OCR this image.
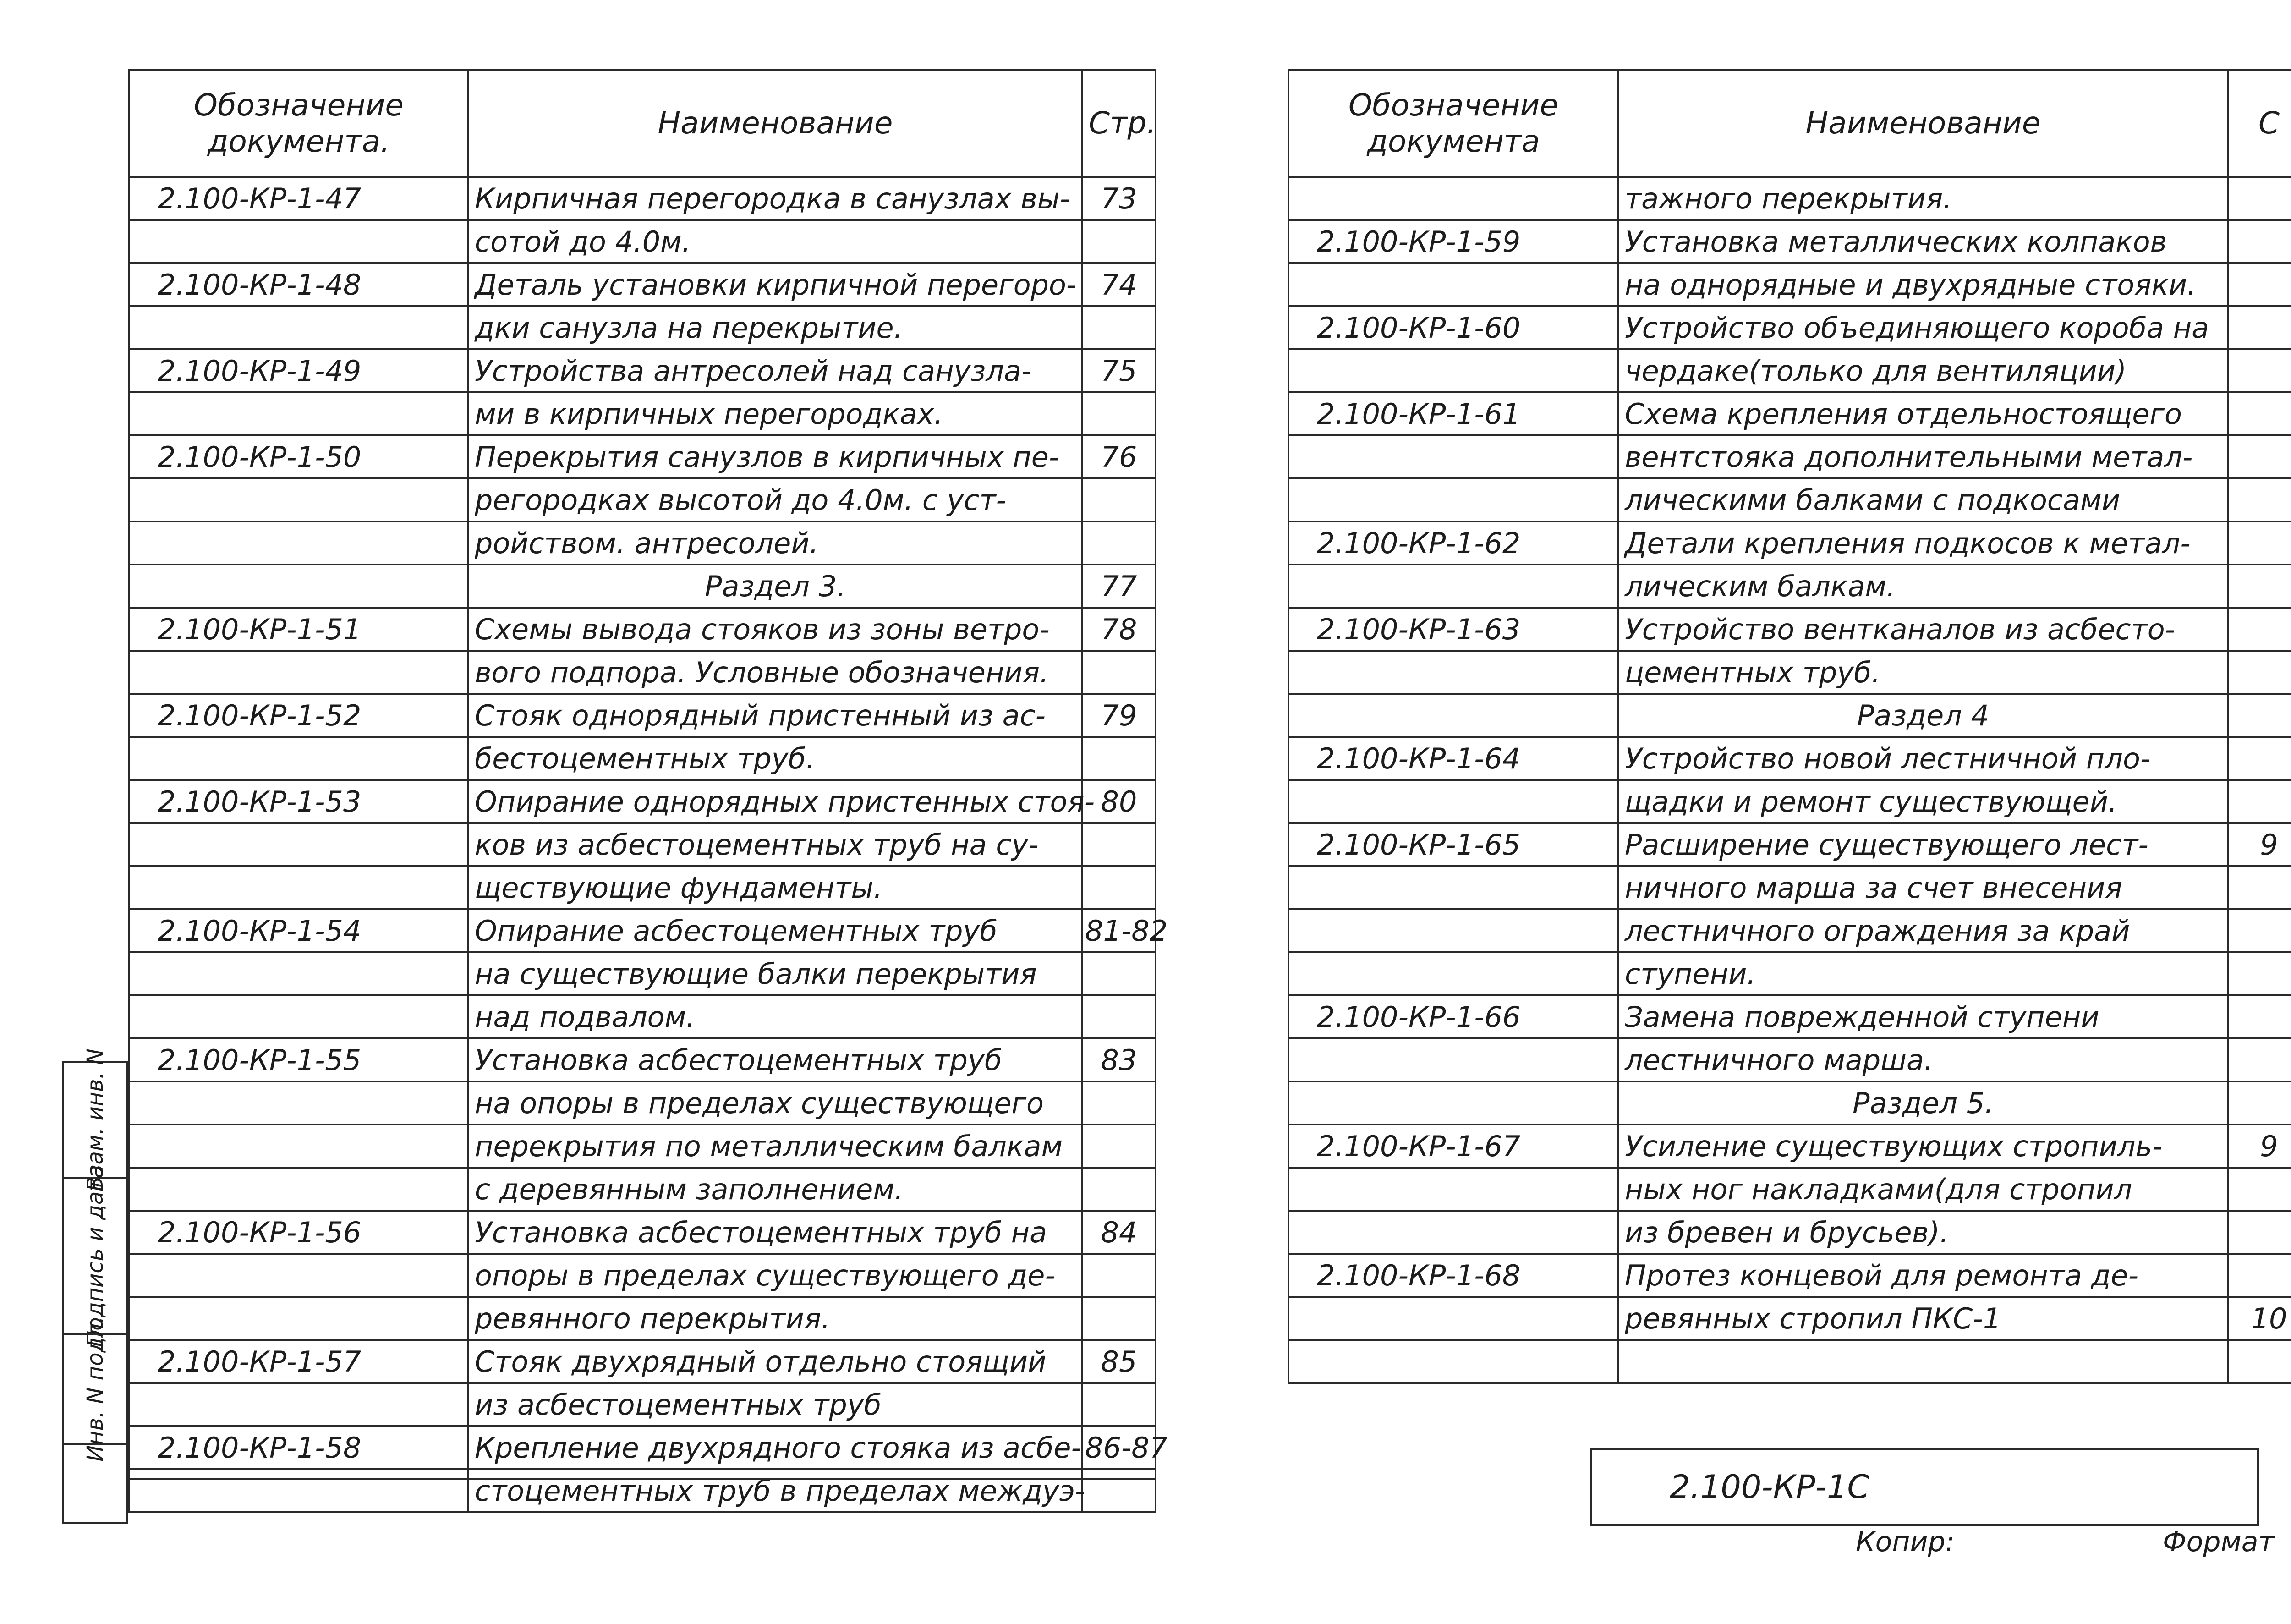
Обозначение документа.	Наименование	Стр.
2.100-КР-1-47	Кирпичная перегородка в санузлах вы-	73
	сотой до 4.0м.	
2.100-КР-1-48	Деталь установки кирпичной перегоро-	74
	дки санузла на перекрытие.	
2.100-КР-1-49	Устройства антресолей над санузла-	75
	ми в кирпичных перегородках.	
2.100-КР-1-50	Перекрытия санузлов в кирпичных пе-	76
	регородках высотой до 4.0м. с уст-	
	ройством. антресолей.	
	Раздел 3.	77
2.100-КР-1-51	Схемы вывода стояков из зоны ветро-	78
	вого подпора. Условные обозначения.	
2.100-КР-1-52	Стояк однорядный пристенный из ас-	79
	бестоцементных труб.	
2.100-КР-1-53	Опирание однорядных пристенных стоя-	80
	ков из асбестоцементных труб на су-	
	ществующие фундаменты.	
2.100-КР-1-54	Опирание асбестоцементных труб	81-82
	на существующие балки перекрытия	
	над подвалом.	
2.100-КР-1-55	Установка асбестоцементных труб	83
	на опоры в пределах существующего	
	перекрытия по металлическим балкам	
	с деревянным заполнением.	
2.100-КР-1-56	Установка асбестоцементных труб на	84
	опоры в пределах существующего де-	
	ревянного перекрытия.	
2.100-КР-1-57	Стояк двухрядный отдельно стоящий	85
	из асбестоцементных труб	
2.100-КР-1-58	Крепление двухрядного стояка из асбе-	86-87
	стоцементных труб в пределах междуэ-	
Обозначение документа	Наименование	С
	тажного перекрытия.	
2.100-КР-1-59	Установка металлических колпаков	
	на однорядные и двухрядные стояки.	
2.100-КР-1-60	Устройство объединяющего короба на	
	чердаке(только для вентиляции)	
2.100-КР-1-61	Схема крепления отдельностоящего	
	вентстояка дополнительными метал-	
	лическими балками с подкосами	
2.100-КР-1-62	Детали крепления подкосов к метал-	
	лическим балкам.	
2.100-КР-1-63	Устройство вентканалов из асбесто-	
	цементных труб.	
	Раздел 4	
2.100-КР-1-64	Устройство новой лестничной пло-	
	щадки и ремонт существующей.	
2.100-КР-1-65	Расширение существующего лест-	9
	ничного марша за счет внесения	
	лестничного ограждения за край	
	ступени.	
2.100-КР-1-66	Замена поврежденной ступени	
	лестничного марша.	
	Раздел 5.	
2.100-КР-1-67	Усиление существующих стропиль-	9
	ных ног накладками(для стропил	
	из бревен и брусьев).	
2.100-КР-1-68	Протез концевой для ремонта де-	
	ревянных стропил ПКС-1	10

Взам. инв. N
Подпись и дата
Инв. N подл.
2.100-КР-1С
Копир:	Формат
